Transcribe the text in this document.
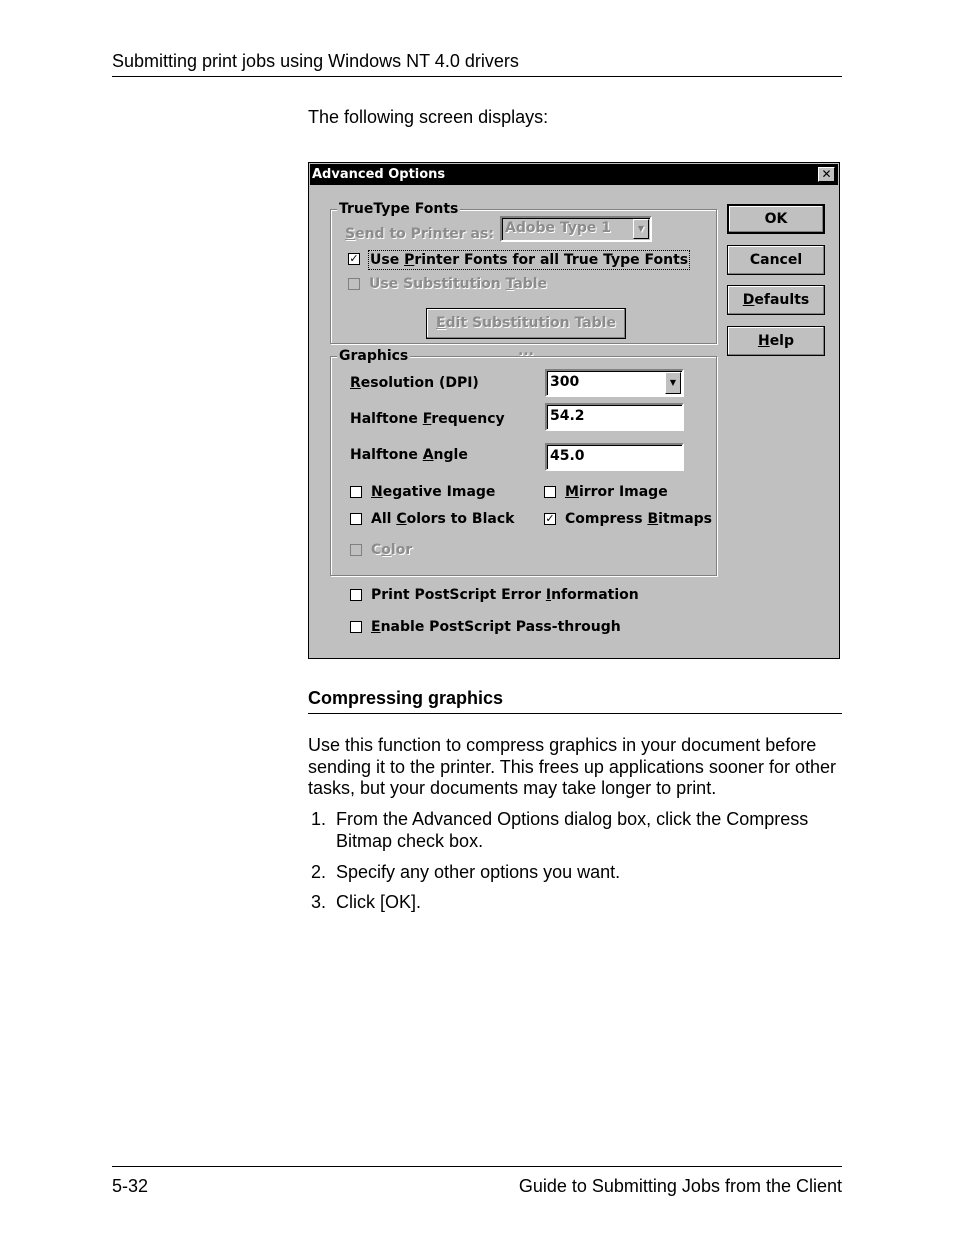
Submitting print jobs using Windows NT 4.0 drivers
The following screen displays:
Advanced Options	✕
TrueType Fonts
Send to Printer as: Adobe Type 1	▼
✓ Use Printer Fonts for all True Type Fonts
Use Substitution Table
Edit Substitution Table ...
Graphics
Resolution (DPI)	300	▼
Halftone Frequency	54.2
Halftone Angle	45.0
Negative Image	Mirror Image
All Colors to Black	✓ Compress Bitmaps
Color
Print PostScript Error Information
Enable PostScript Pass-through
OK
Cancel
Defaults
Help
Compressing graphics
Use this function to compress graphics in your document before sending it to the printer. This frees up applications sooner for other tasks, but your documents may take longer to print.
1. From the Advanced Options dialog box, click the Compress Bitmap check box.
2. Specify any other options you want.
3. Click [OK].
5-32	Guide to Submitting Jobs from the Client
